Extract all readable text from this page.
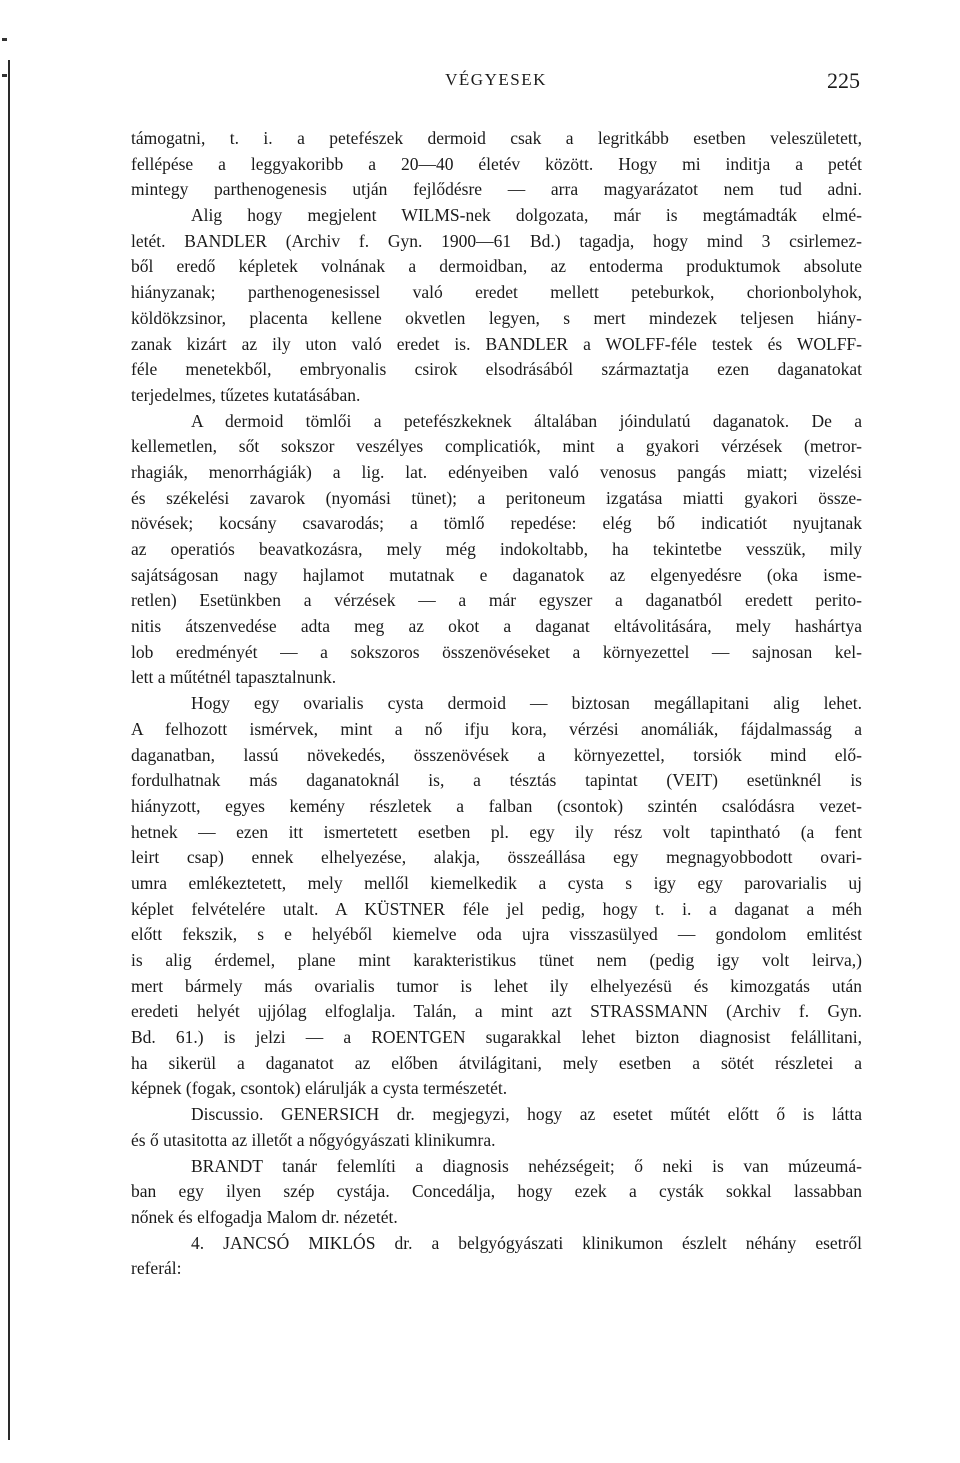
VÉGYESEK	225
támogatni, t. i. a petefészek dermoid csak a legritkább esetben veleszületett,
fellépése a leggyakoribb a 20—40 életév között. Hogy mi inditja a petét
mintegy parthenogenesis utján fejlődésre — arra magyarázatot nem tud adni.
Alig hogy megjelent WILMS-nek dolgozata, már is megtámadták elmé-
letét. BANDLER (Archiv f. Gyn. 1900—61 Bd.) tagadja, hogy mind 3 csirlemez-
ből eredő képletek volnának a dermoidban, az entoderma produktumok absolute
hiányzanak; parthenogenesissel való eredet mellett peteburkok, chorionbolyhok,
köldökzsinor, placenta kellene okvetlen legyen, s mert mindezek teljesen hiány-
zanak kizárt az ily uton való eredet is. BANDLER a WOLFF-féle testek és WOLFF-
féle menetekből, embryonalis csirok elsodrásából származtatja ezen daganatokat
terjedelmes, tűzetes kutatásában.
A dermoid tömlői a petefészkeknek általában jóindulatú daganatok. De a
kellemetlen, sőt sokszor veszélyes complicatiók, mint a gyakori vérzések (metror-
rhagiák, menorrhágiák) a lig. lat. edényeiben való venosus pangás miatt; vizelési
és székelési zavarok (nyomási tünet); a peritoneum izgatása miatti gyakori össze-
növések; kocsány csavarodás; a tömlő repedése: elég bő indicatiót nyujtanak
az operatiós beavatkozásra, mely még indokoltabb, ha tekintetbe vesszük, mily
sajátságosan nagy hajlamot mutatnak e daganatok az elgenyedésre (oka isme-
retlen) Esetünkben a vérzések — a már egyszer a daganatból eredett perito-
nitis átszenvedése adta meg az okot a daganat eltávolitására, mely hashártya
lob eredményét — a sokszoros összenövéseket a környezettel — sajnosan kel-
lett a műtétnél tapasztalnunk.
Hogy egy ovarialis cysta dermoid — biztosan megállapitani alig lehet.
A felhozott ismérvek, mint a nő ifju kora, vérzési anomáliák, fájdalmasság a
daganatban, lassú növekedés, összenövések a környezettel, torsiók mind elő-
fordulhatnak más daganatoknál is, a tésztás tapintat (VEIT) esetünknél is
hiányzott, egyes kemény részletek a falban (csontok) szintén csalódásra vezet-
hetnek — ezen itt ismertetett esetben pl. egy ily rész volt tapintható (a fent
leirt csap) ennek elhelyezése, alakja, összeállása egy megnagyobbodott ovari-
umra emlékeztetett, mely mellől kiemelkedik a cysta s igy egy parovarialis uj
képlet felvételére utalt. A KÜSTNER féle jel pedig, hogy t. i. a daganat a méh
előtt fekszik, s e helyéből kiemelve oda ujra visszasülyed — gondolom emlitést
is alig érdemel, plane mint karakteristikus tünet nem (pedig igy volt leirva,)
mert bármely más ovarialis tumor is lehet ily elhelyezésü és kimozgatás után
eredeti helyét ujjólag elfoglalja. Talán, a mint azt STRASSMANN (Archiv f. Gyn.
Bd. 61.) is jelzi — a ROENTGEN sugarakkal lehet bizton diagnosist felállitani,
ha sikerül a daganatot az előben átvilágitani, mely esetben a sötét részletei a
képnek (fogak, csontok) elárulják a cysta természetét.
Discussio. GENERSICH dr. megjegyzi, hogy az esetet műtét előtt ő is látta
és ő utasitotta az illetőt a nőgyógyászati klinikumra.
BRANDT tanár felemlíti a diagnosis nehézségeit; ő neki is van múzeumá-
ban egy ilyen szép cystája. Concedálja, hogy ezek a cysták sokkal lassabban
nőnek és elfogadja Malom dr. nézetét.
4. JANCSÓ MIKLÓS dr. a belgyógyászati klinikumon észlelt néhány esetről
referál:
